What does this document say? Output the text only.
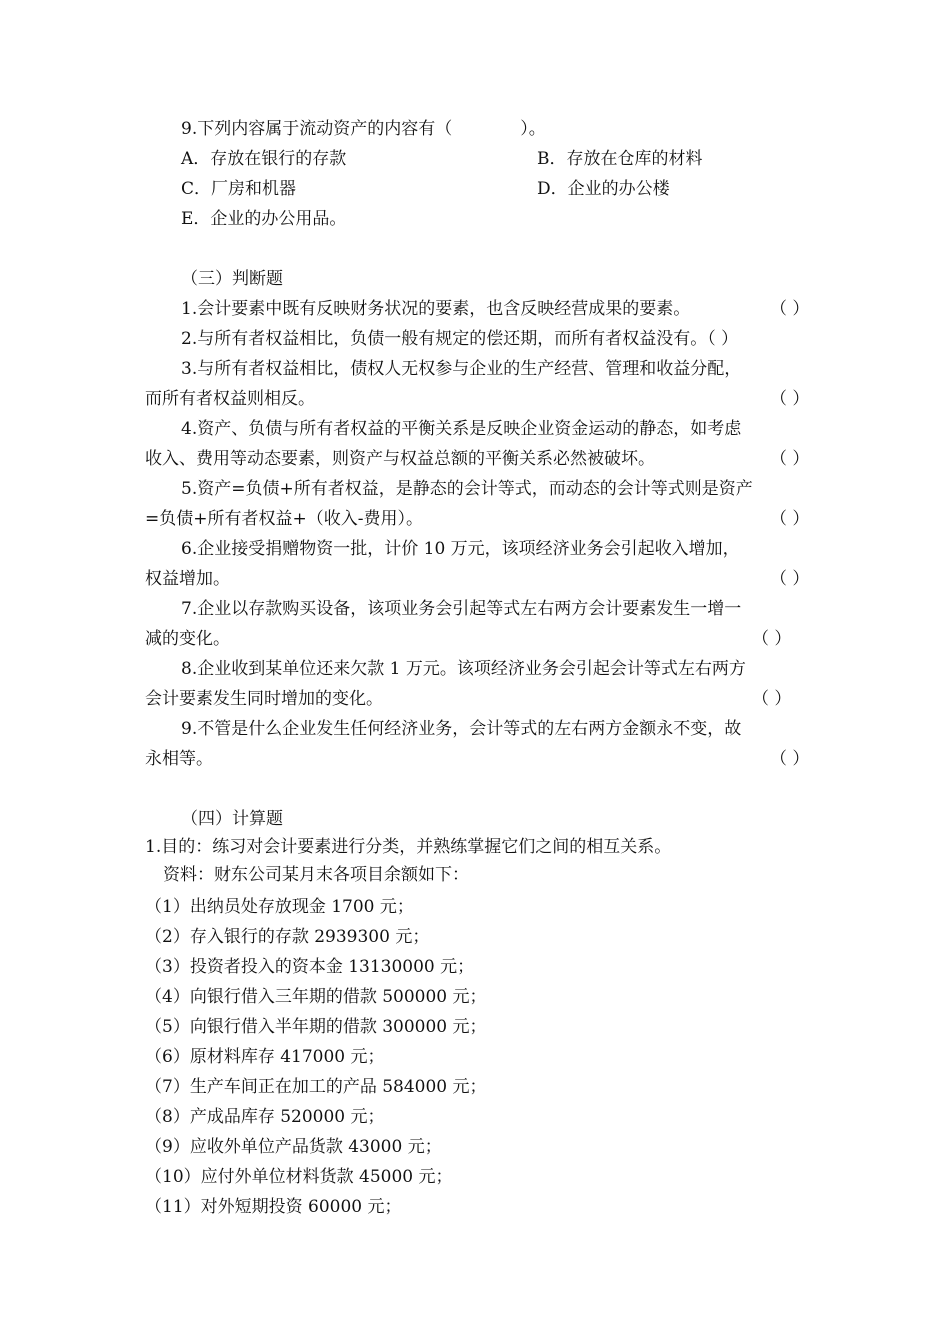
9.下列内容属于流动资产的内容有（　　　　）。
A．存放在银行的存款	B．存放在仓库的材料
C．厂房和机器	D．企业的办公楼
E．企业的办公用品。
（三）判断题
1.会计要素中既有反映财务状况的要素，也含反映经营成果的要素。	（ ）
2.与所有者权益相比，负债一般有规定的偿还期，而所有者权益没有。（ ）
3.与所有者权益相比，债权人无权参与企业的生产经营、管理和收益分配，
而所有者权益则相反。	（ ）
4.资产、负债与所有者权益的平衡关系是反映企业资金运动的静态，如考虑
收入、费用等动态要素，则资产与权益总额的平衡关系必然被破坏。	（ ）
5.资产=负债+所有者权益，是静态的会计等式，而动态的会计等式则是资产
=负债+所有者权益+（收入-费用）。	（ ）
6.企业接受捐赠物资一批，计价 10 万元，该项经济业务会引起收入增加，
权益增加。	（ ）
7.企业以存款购买设备，该项业务会引起等式左右两方会计要素发生一增一
减的变化。	（ ）
8.企业收到某单位还来欠款 1 万元。该项经济业务会引起会计等式左右两方
会计要素发生同时增加的变化。	（ ）
9.不管是什么企业发生任何经济业务，会计等式的左右两方金额永不变，故
永相等。	（ ）
（四）计算题
1.目的：练习对会计要素进行分类，并熟练掌握它们之间的相互关系。
资料：财东公司某月末各项目余额如下：
（1）出纳员处存放现金 1700 元；
（2）存入银行的存款 2939300 元；
（3）投资者投入的资本金 13130000 元；
（4）向银行借入三年期的借款 500000 元；
（5）向银行借入半年期的借款 300000 元；
（6）原材料库存 417000 元；
（7）生产车间正在加工的产品 584000 元；
（8）产成品库存 520000 元；
（9）应收外单位产品货款 43000 元；
（10）应付外单位材料货款 45000 元；
（11）对外短期投资 60000 元；
